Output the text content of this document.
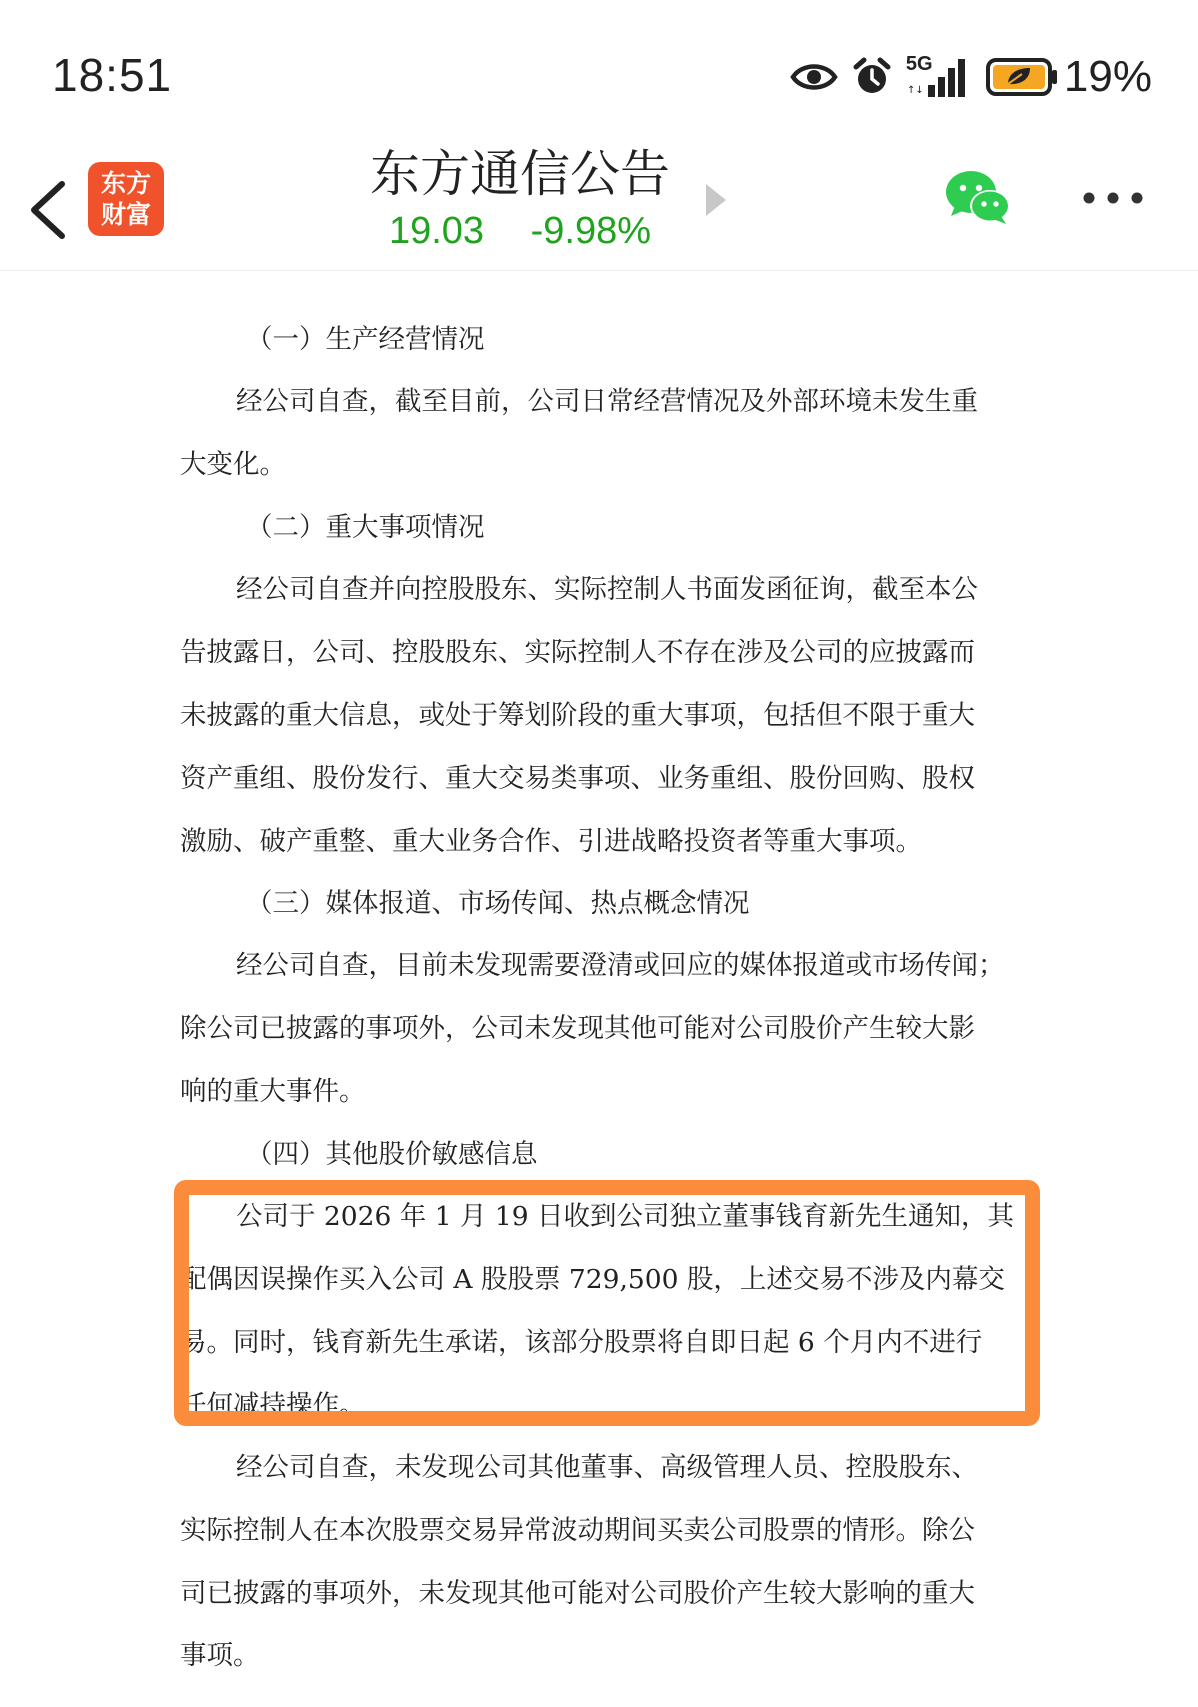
18:51	5G
↑↓	19%
东方
财富
东方通信公告
19.03 -9.98%
（一）生产经营情况
经公司自查，截至目前，公司日常经营情况及外部环境未发生重
大变化。
（二）重大事项情况
经公司自查并向控股股东、实际控制人书面发函征询，截至本公
告披露日，公司、控股股东、实际控制人不存在涉及公司的应披露而
未披露的重大信息，或处于筹划阶段的重大事项，包括但不限于重大
资产重组、股份发行、重大交易类事项、业务重组、股份回购、股权
激励、破产重整、重大业务合作、引进战略投资者等重大事项。
（三）媒体报道、市场传闻、热点概念情况
经公司自查，目前未发现需要澄清或回应的媒体报道或市场传闻；
除公司已披露的事项外，公司未发现其他可能对公司股价产生较大影
响的重大事件。
（四）其他股价敏感信息
公司于 2026 年 1 月 19 日收到公司独立董事钱育新先生通知，其
配偶因误操作买入公司 A 股股票 729,500 股，上述交易不涉及内幕交
易。同时，钱育新先生承诺，该部分股票将自即日起 6 个月内不进行
任何减持操作。
经公司自查，未发现公司其他董事、高级管理人员、控股股东、
实际控制人在本次股票交易异常波动期间买卖公司股票的情形。除公
司已披露的事项外，未发现其他可能对公司股价产生较大影响的重大
事项。
